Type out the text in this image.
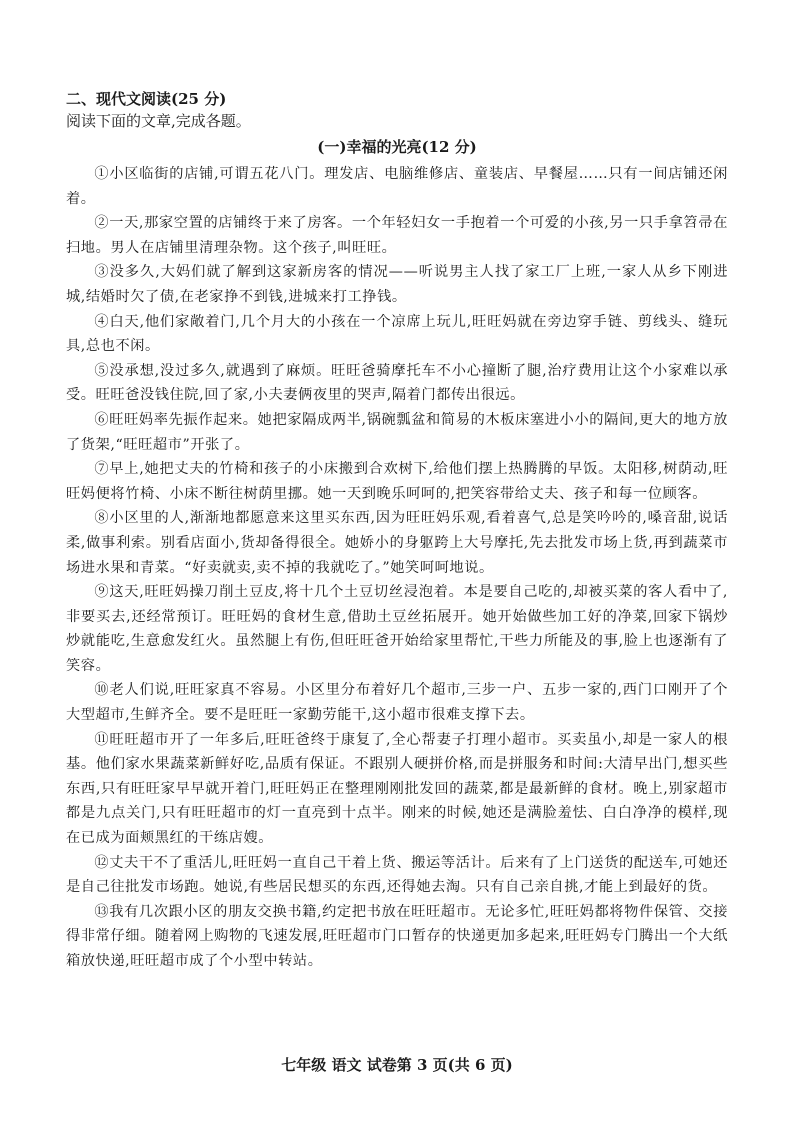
二、现代文阅读(25 分)

阅读下面的文章,完成各题。

(一)幸福的光亮(12 分)

①小区临街的店铺,可谓五花八门。理发店、电脑维修店、童装店、早餐屋……只有一间店铺还闲着。

②一天,那家空置的店铺终于来了房客。一个年轻妇女一手抱着一个可爱的小孩,另一只手拿笤帚在扫地。男人在店铺里清理杂物。这个孩子,叫旺旺。

③没多久,大妈们就了解到这家新房客的情况——听说男主人找了家工厂上班,一家人从乡下刚进城,结婚时欠了债,在老家挣不到钱,进城来打工挣钱。

④白天,他们家敞着门,几个月大的小孩在一个凉席上玩儿,旺旺妈就在旁边穿手链、剪线头、缝玩具,总也不闲。

⑤没承想,没过多久,就遇到了麻烦。旺旺爸骑摩托车不小心撞断了腿,治疗费用让这个小家难以承受。旺旺爸没钱住院,回了家,小夫妻俩夜里的哭声,隔着门都传出很远。

⑥旺旺妈率先振作起来。她把家隔成两半,锅碗瓢盆和简易的木板床塞进小小的隔间,更大的地方放了货架,“旺旺超市”开张了。

⑦早上,她把丈夫的竹椅和孩子的小床搬到合欢树下,给他们摆上热腾腾的早饭。太阳移,树荫动,旺旺妈便将竹椅、小床不断往树荫里挪。她一天到晚乐呵呵的,把笑容带给丈夫、孩子和每一位顾客。

⑧小区里的人,渐渐地都愿意来这里买东西,因为旺旺妈乐观,看着喜气,总是笑吟吟的,嗓音甜,说话柔,做事利索。别看店面小,货却备得很全。她娇小的身躯跨上大号摩托,先去批发市场上货,再到蔬菜市场进水果和青菜。“好卖就卖,卖不掉的我就吃了。”她笑呵呵地说。

⑨这天,旺旺妈操刀削土豆皮,将十几个土豆切丝浸泡着。本是要自己吃的,却被买菜的客人看中了,非要买去,还经常预订。旺旺妈的食材生意,借助土豆丝拓展开。她开始做些加工好的净菜,回家下锅炒炒就能吃,生意愈发红火。虽然腿上有伤,但旺旺爸开始给家里帮忙,干些力所能及的事,脸上也逐渐有了笑容。

⑩老人们说,旺旺家真不容易。小区里分布着好几个超市,三步一户、五步一家的,西门口刚开了个大型超市,生鲜齐全。要不是旺旺一家勤劳能干,这小超市很难支撑下去。

⑪旺旺超市开了一年多后,旺旺爸终于康复了,全心帮妻子打理小超市。买卖虽小,却是一家人的根基。他们家水果蔬菜新鲜好吃,品质有保证。不跟别人硬拼价格,而是拼服务和时间:大清早出门,想买些东西,只有旺旺家早早就开着门,旺旺妈正在整理刚刚批发回的蔬菜,都是最新鲜的食材。晚上,别家超市都是九点关门,只有旺旺超市的灯一直亮到十点半。刚来的时候,她还是满脸羞怯、白白净净的模样,现在已成为面颊黑红的干练店嫂。

⑫丈夫干不了重活儿,旺旺妈一直自己干着上货、搬运等活计。后来有了上门送货的配送车,可她还是自己往批发市场跑。她说,有些居民想买的东西,还得她去淘。只有自己亲自挑,才能上到最好的货。

⑬我有几次跟小区的朋友交换书籍,约定把书放在旺旺超市。无论多忙,旺旺妈都将物件保管、交接得非常仔细。随着网上购物的飞速发展,旺旺超市门口暂存的快递更加多起来,旺旺妈专门腾出一个大纸箱放快递,旺旺超市成了个小型中转站。

七年级 语文 试卷第 3 页(共 6 页)
